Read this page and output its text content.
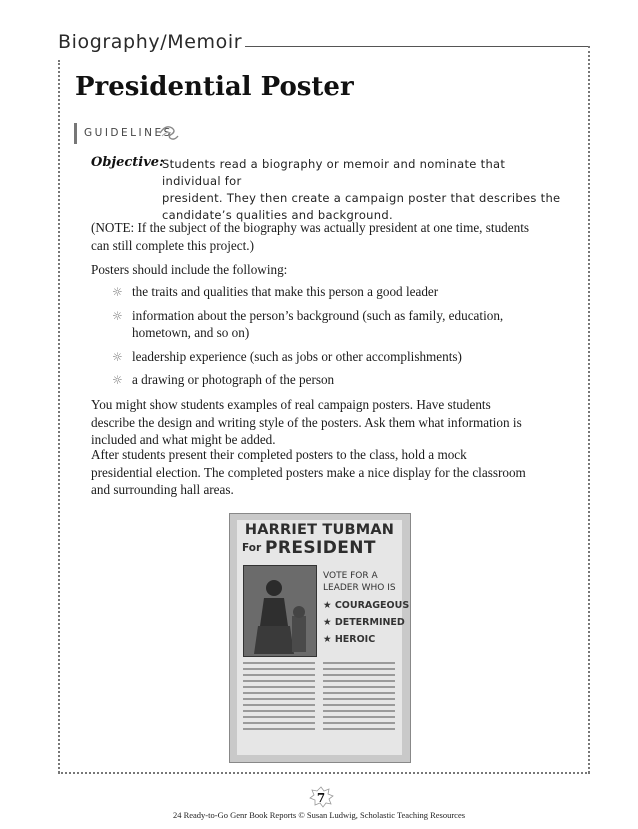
Biography/Memoir
Presidential Poster
GUIDELINES
Objective:
Students read a biography or memoir and nominate that individual for
president. They then create a campaign poster that describes the
candidate’s qualities and background.
(NOTE: If the subject of the biography was actually president at one time, students
can still complete this project.)
Posters should include the following:
☼ the traits and qualities that make this person a good leader
☼ information about the person’s background (such as family, education,
hometown, and so on)
☼ leadership experience (such as jobs or other accomplishments)
☼ a drawing or photograph of the person
You might show students examples of real campaign posters. Have students
describe the design and writing style of the posters. Ask them what information is
included and what might be added.
After students present their completed posters to the class, hold a mock
presidential election. The completed posters make a nice display for the classroom
and surrounding hall areas.
HARRIET TUBMAN
For PRESIDENT
VOTE FOR A
LEADER WHO IS
★ COURAGEOUS
★ DETERMINED
★ HEROIC
7
24 Ready-to-Go Genr Book Reports © Susan Ludwig, Scholastic Teaching Resources
